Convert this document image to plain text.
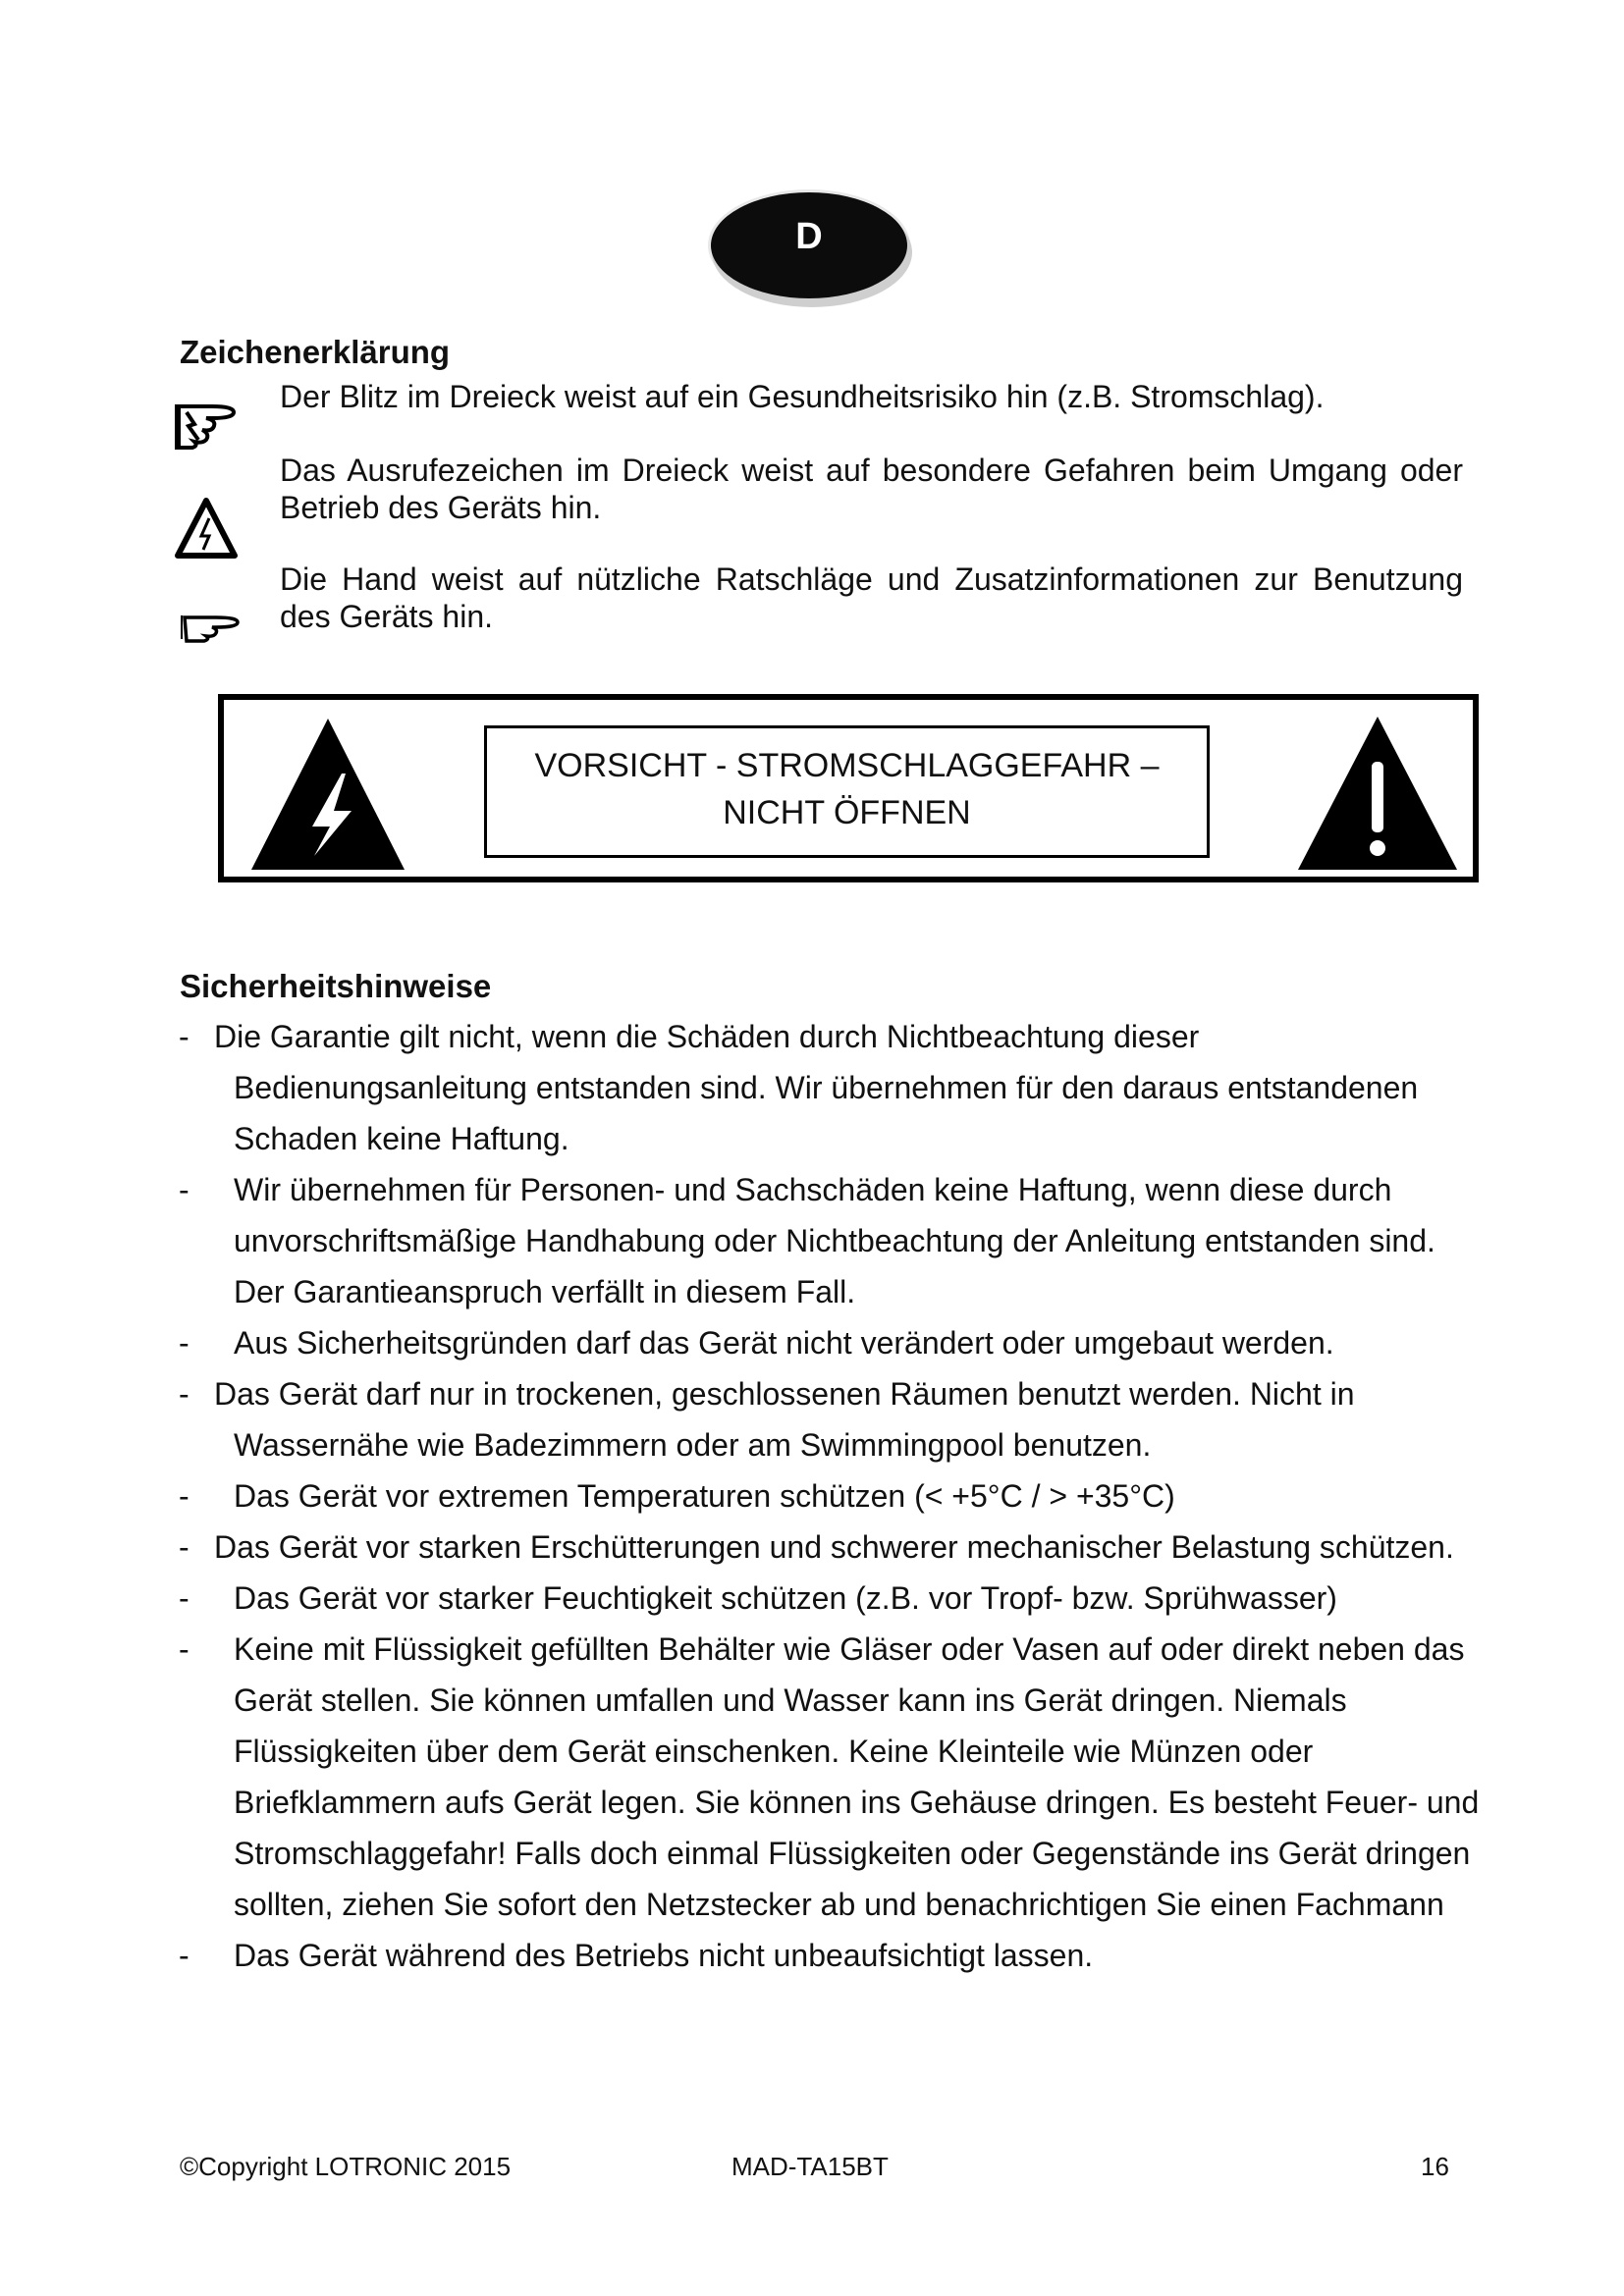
D
Zeichenerklärung
Der Blitz im Dreieck weist auf ein Gesundheitsrisiko hin (z.B. Stromschlag).
Das Ausrufezeichen im Dreieck weist auf besondere Gefahren beim Umgang oder Betrieb des Geräts hin.
Die Hand weist auf nützliche Ratschläge und Zusatzinformationen zur Benutzung des Geräts hin.
VORSICHT - STROMSCHLAGGEFAHR –
NICHT ÖFFNEN
Sicherheitshinweise
- Die Garantie gilt nicht, wenn die Schäden durch Nichtbeachtung dieser Bedienungsanleitung entstanden sind. Wir übernehmen für den daraus entstandenen Schaden keine Haftung.
- Wir übernehmen für Personen- und Sachschäden keine Haftung, wenn diese durch unvorschriftsmäßige Handhabung oder Nichtbeachtung der Anleitung entstanden sind. Der Garantieanspruch verfällt in diesem Fall.
- Aus Sicherheitsgründen darf das Gerät nicht verändert oder umgebaut werden.
- Das Gerät darf nur in trockenen, geschlossenen Räumen benutzt werden. Nicht in Wassernähe wie Badezimmern oder am Swimmingpool benutzen.
- Das Gerät vor extremen Temperaturen schützen (< +5°C / > +35°C)
- Das Gerät vor starken Erschütterungen und schwerer mechanischer Belastung schützen.
- Das Gerät vor starker Feuchtigkeit schützen (z.B. vor Tropf- bzw. Sprühwasser)
- Keine mit Flüssigkeit gefüllten Behälter wie Gläser oder Vasen auf oder direkt neben das Gerät stellen. Sie können umfallen und Wasser kann ins Gerät dringen. Niemals Flüssigkeiten über dem Gerät einschenken. Keine Kleinteile wie Münzen oder Briefklammern aufs Gerät legen. Sie können ins Gehäuse dringen. Es besteht Feuer- und Stromschlaggefahr! Falls doch einmal Flüssigkeiten oder Gegenstände ins Gerät dringen sollten, ziehen Sie sofort den Netzstecker ab und benachrichtigen Sie einen Fachmann
- Das Gerät während des Betriebs nicht unbeaufsichtigt lassen.
©Copyright LOTRONIC 2015	MAD-TA15BT	16
